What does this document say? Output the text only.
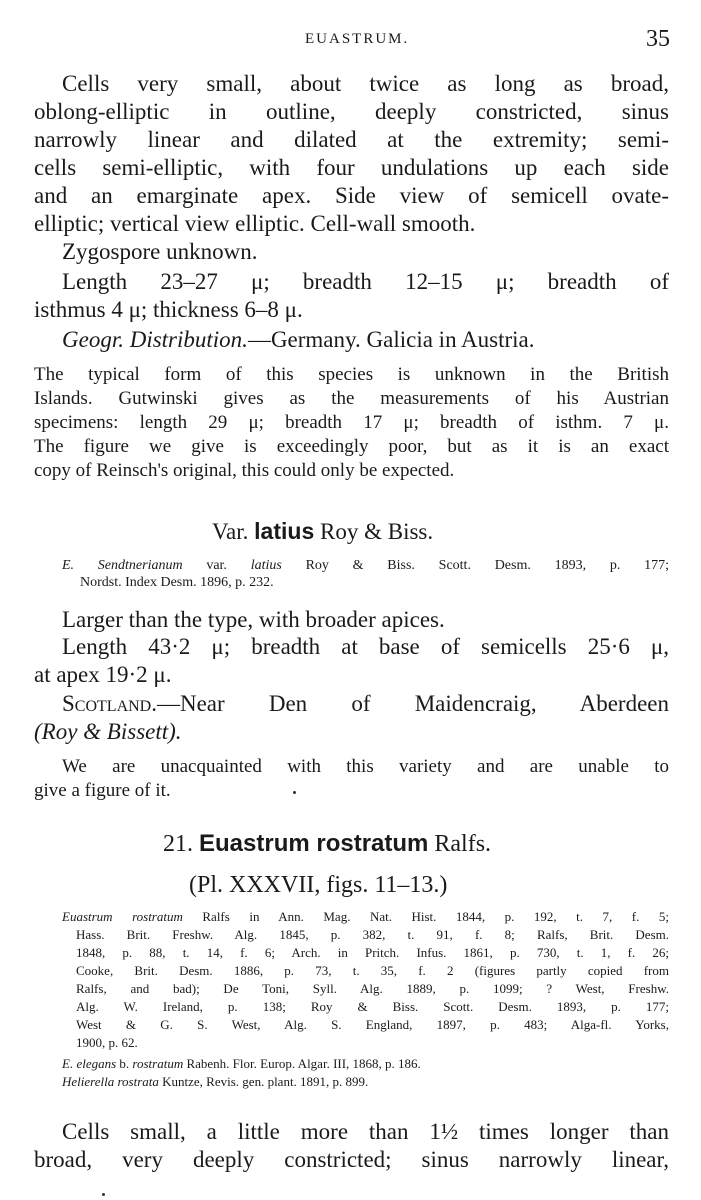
EUASTRUM.	35
Cells very small, about twice as long as broad,
oblong-elliptic in outline, deeply constricted, sinus
narrowly linear and dilated at the extremity; semi-
cells semi-elliptic, with four undulations up each side
and an emarginate apex. Side view of semicell ovate-
elliptic; vertical view elliptic. Cell-wall smooth.
Zygospore unknown.
Length 23–27 μ; breadth 12–15 μ; breadth of
isthmus 4 μ; thickness 6–8 μ.
Geogr. Distribution.—Germany. Galicia in Austria.
The typical form of this species is unknown in the British
Islands. Gutwinski gives as the measurements of his Austrian
specimens: length 29 μ; breadth 17 μ; breadth of isthm. 7 μ.
The figure we give is exceedingly poor, but as it is an exact
copy of Reinsch's original, this could only be expected.
Var. latius Roy & Biss.
E. Sendtnerianum var. latius Roy & Biss. Scott. Desm. 1893, p. 177;
Nordst. Index Desm. 1896, p. 232.
Larger than the type, with broader apices.
Length 43·2 μ; breadth at base of semicells 25·6 μ,
at apex 19·2 μ.
Scotland.—Near Den of Maidencraig, Aberdeen
(Roy & Bissett).
We are unacquainted with this variety and are unable to
give a figure of it.
21. Euastrum rostratum Ralfs.
(Pl. XXXVII, figs. 11–13.)
Euastrum rostratum Ralfs in Ann. Mag. Nat. Hist. 1844, p. 192, t. 7, f. 5;
Hass. Brit. Freshw. Alg. 1845, p. 382, t. 91, f. 8; Ralfs, Brit. Desm.
1848, p. 88, t. 14, f. 6; Arch. in Pritch. Infus. 1861, p. 730, t. 1, f. 26;
Cooke, Brit. Desm. 1886, p. 73, t. 35, f. 2 (figures partly copied from
Ralfs, and bad); De Toni, Syll. Alg. 1889, p. 1099; ? West, Freshw.
Alg. W. Ireland, p. 138; Roy & Biss. Scott. Desm. 1893, p. 177;
West & G. S. West, Alg. S. England, 1897, p. 483; Alga-fl. Yorks,
1900, p. 62.
E. elegans b. rostratum Rabenh. Flor. Europ. Algar. III, 1868, p. 186.
Helierella rostrata Kuntze, Revis. gen. plant. 1891, p. 899.
Cells small, a little more than 1½ times longer than
broad, very deeply constricted; sinus narrowly linear,
